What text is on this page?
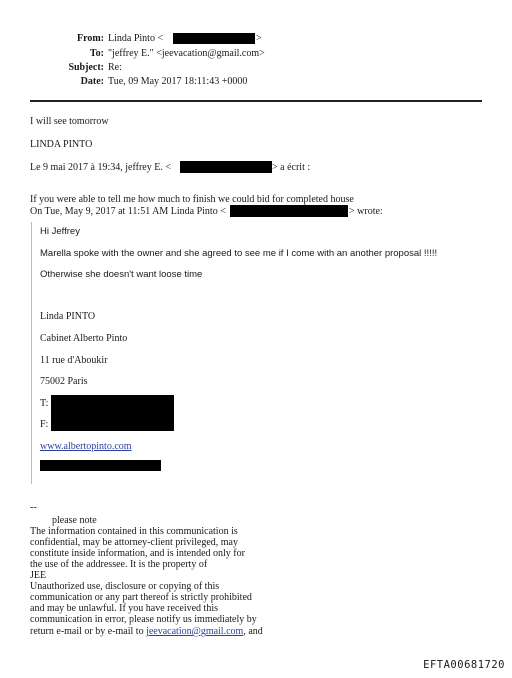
From: Linda Pinto <	>
To: "jeffrey E." <jeevacation@gmail.com>
Subject: Re:
Date: Tue, 09 May 2017 18:11:43 +0000
I will see tomorrow
LINDA PINTO
Le 9 mai 2017 à 19:34, jeffrey E. <	> a écrit :
If you were able to tell me how much to finish we could bid for completed house
On Tue, May 9, 2017 at 11:51 AM Linda Pinto <	> wrote:
Hi Jeffrey
Marella spoke with the owner and she agreed to see me if I come with an another proposal !!!!!
Otherwise she doesn't want loose time
Linda PINTO
Cabinet Alberto Pinto
11 rue d'Aboukir
75002 Paris
T:
F:
www.albertopinto.com
--
please note
The information contained in this communication is
confidential, may be attorney-client privileged, may
constitute inside information, and is intended only for
the use of the addressee. It is the property of
JEE
Unauthorized use, disclosure or copying of this
communication or any part thereof is strictly prohibited
and may be unlawful. If you have received this
communication in error, please notify us immediately by
return e-mail or by e-mail to jeevacation@gmail.com, and
EFTA00681720
